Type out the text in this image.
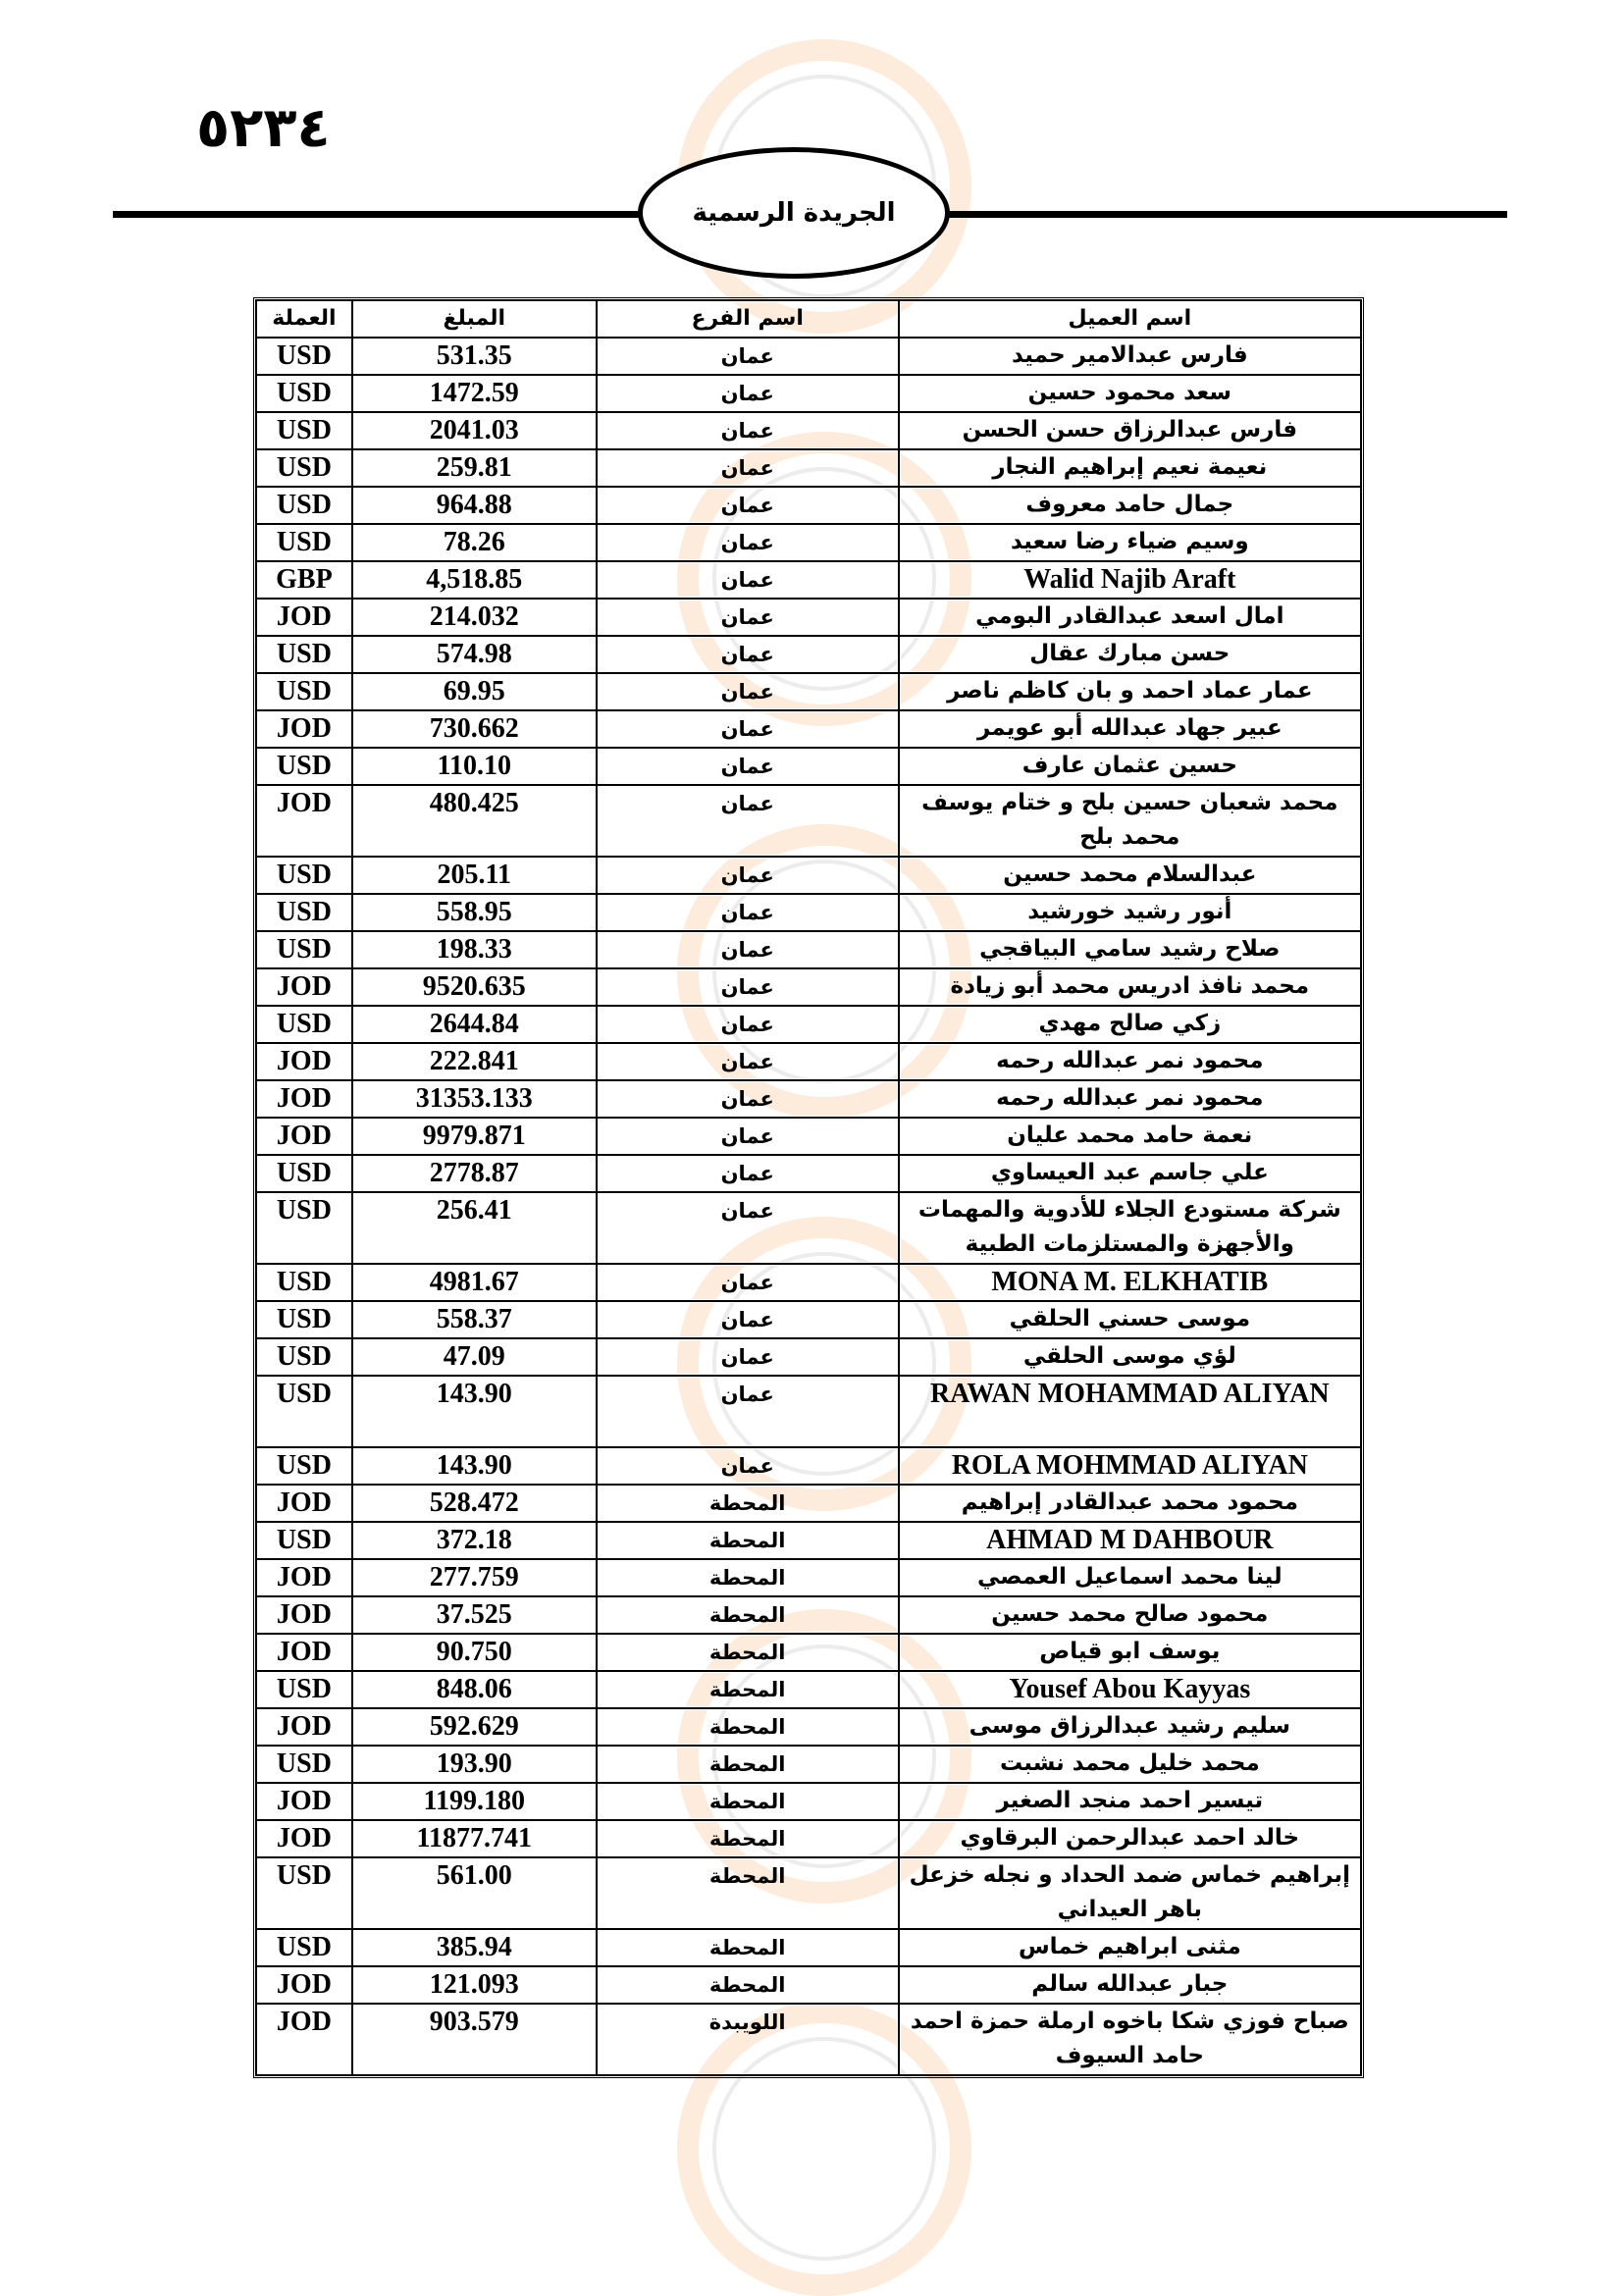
٥٢٣٤
الجريدة الرسمية
اسم العميل	اسم الفرع	المبلغ	العملة
فارس عبدالامير حميد	عمان	531.35	USD
سعد محمود حسين	عمان	1472.59	USD
فارس عبدالرزاق حسن الحسن	عمان	2041.03	USD
نعيمة نعيم إبراهيم النجار	عمان	259.81	USD
جمال حامد معروف	عمان	964.88	USD
وسيم ضياء رضا سعيد	عمان	78.26	USD
Walid Najib Araft	عمان	4,518.85	GBP
امال اسعد عبدالقادر البومي	عمان	214.032	JOD
حسن مبارك عقال	عمان	574.98	USD
عمار عماد احمد و بان كاظم ناصر	عمان	69.95	USD
عبير جهاد عبدالله أبو عويمر	عمان	730.662	JOD
حسين عثمان عارف	عمان	110.10	USD
محمد شعبان حسين بلح و ختام يوسف محمد بلح	عمان	480.425	JOD
عبدالسلام محمد حسين	عمان	205.11	USD
أنور رشيد خورشيد	عمان	558.95	USD
صلاح رشيد سامي البياقجي	عمان	198.33	USD
محمد نافذ ادريس محمد أبو زيادة	عمان	9520.635	JOD
زكي صالح مهدي	عمان	2644.84	USD
محمود نمر عبدالله رحمه	عمان	222.841	JOD
محمود نمر عبدالله رحمه	عمان	31353.133	JOD
نعمة حامد محمد عليان	عمان	9979.871	JOD
علي جاسم عبد العيساوي	عمان	2778.87	USD
شركة مستودع الجلاء للأدوية والمهمات والأجهزة والمستلزمات الطبية	عمان	256.41	USD
MONA M. ELKHATIB	عمان	4981.67	USD
موسى حسني الحلقي	عمان	558.37	USD
لؤي موسى الحلقي	عمان	47.09	USD
RAWAN MOHAMMAD ALIYAN	عمان	143.90	USD
ROLA MOHMMAD ALIYAN	عمان	143.90	USD
محمود محمد عبدالقادر إبراهيم	المحطة	528.472	JOD
AHMAD M DAHBOUR	المحطة	372.18	USD
لينا محمد اسماعيل العمصي	المحطة	277.759	JOD
محمود صالح محمد حسين	المحطة	37.525	JOD
يوسف ابو قياص	المحطة	90.750	JOD
Yousef Abou Kayyas	المحطة	848.06	USD
سليم رشيد عبدالرزاق موسى	المحطة	592.629	JOD
محمد خليل محمد نشبت	المحطة	193.90	USD
تيسير احمد منجد الصغير	المحطة	1199.180	JOD
خالد احمد عبدالرحمن البرقاوي	المحطة	11877.741	JOD
إبراهيم خماس ضمد الحداد و نجله خزعل باهر العيداني	المحطة	561.00	USD
مثنى ابراهيم خماس	المحطة	385.94	USD
جبار عبدالله سالم	المحطة	121.093	JOD
صباح فوزي شكا باخوه ارملة حمزة احمد حامد السيوف	اللويبدة	903.579	JOD
